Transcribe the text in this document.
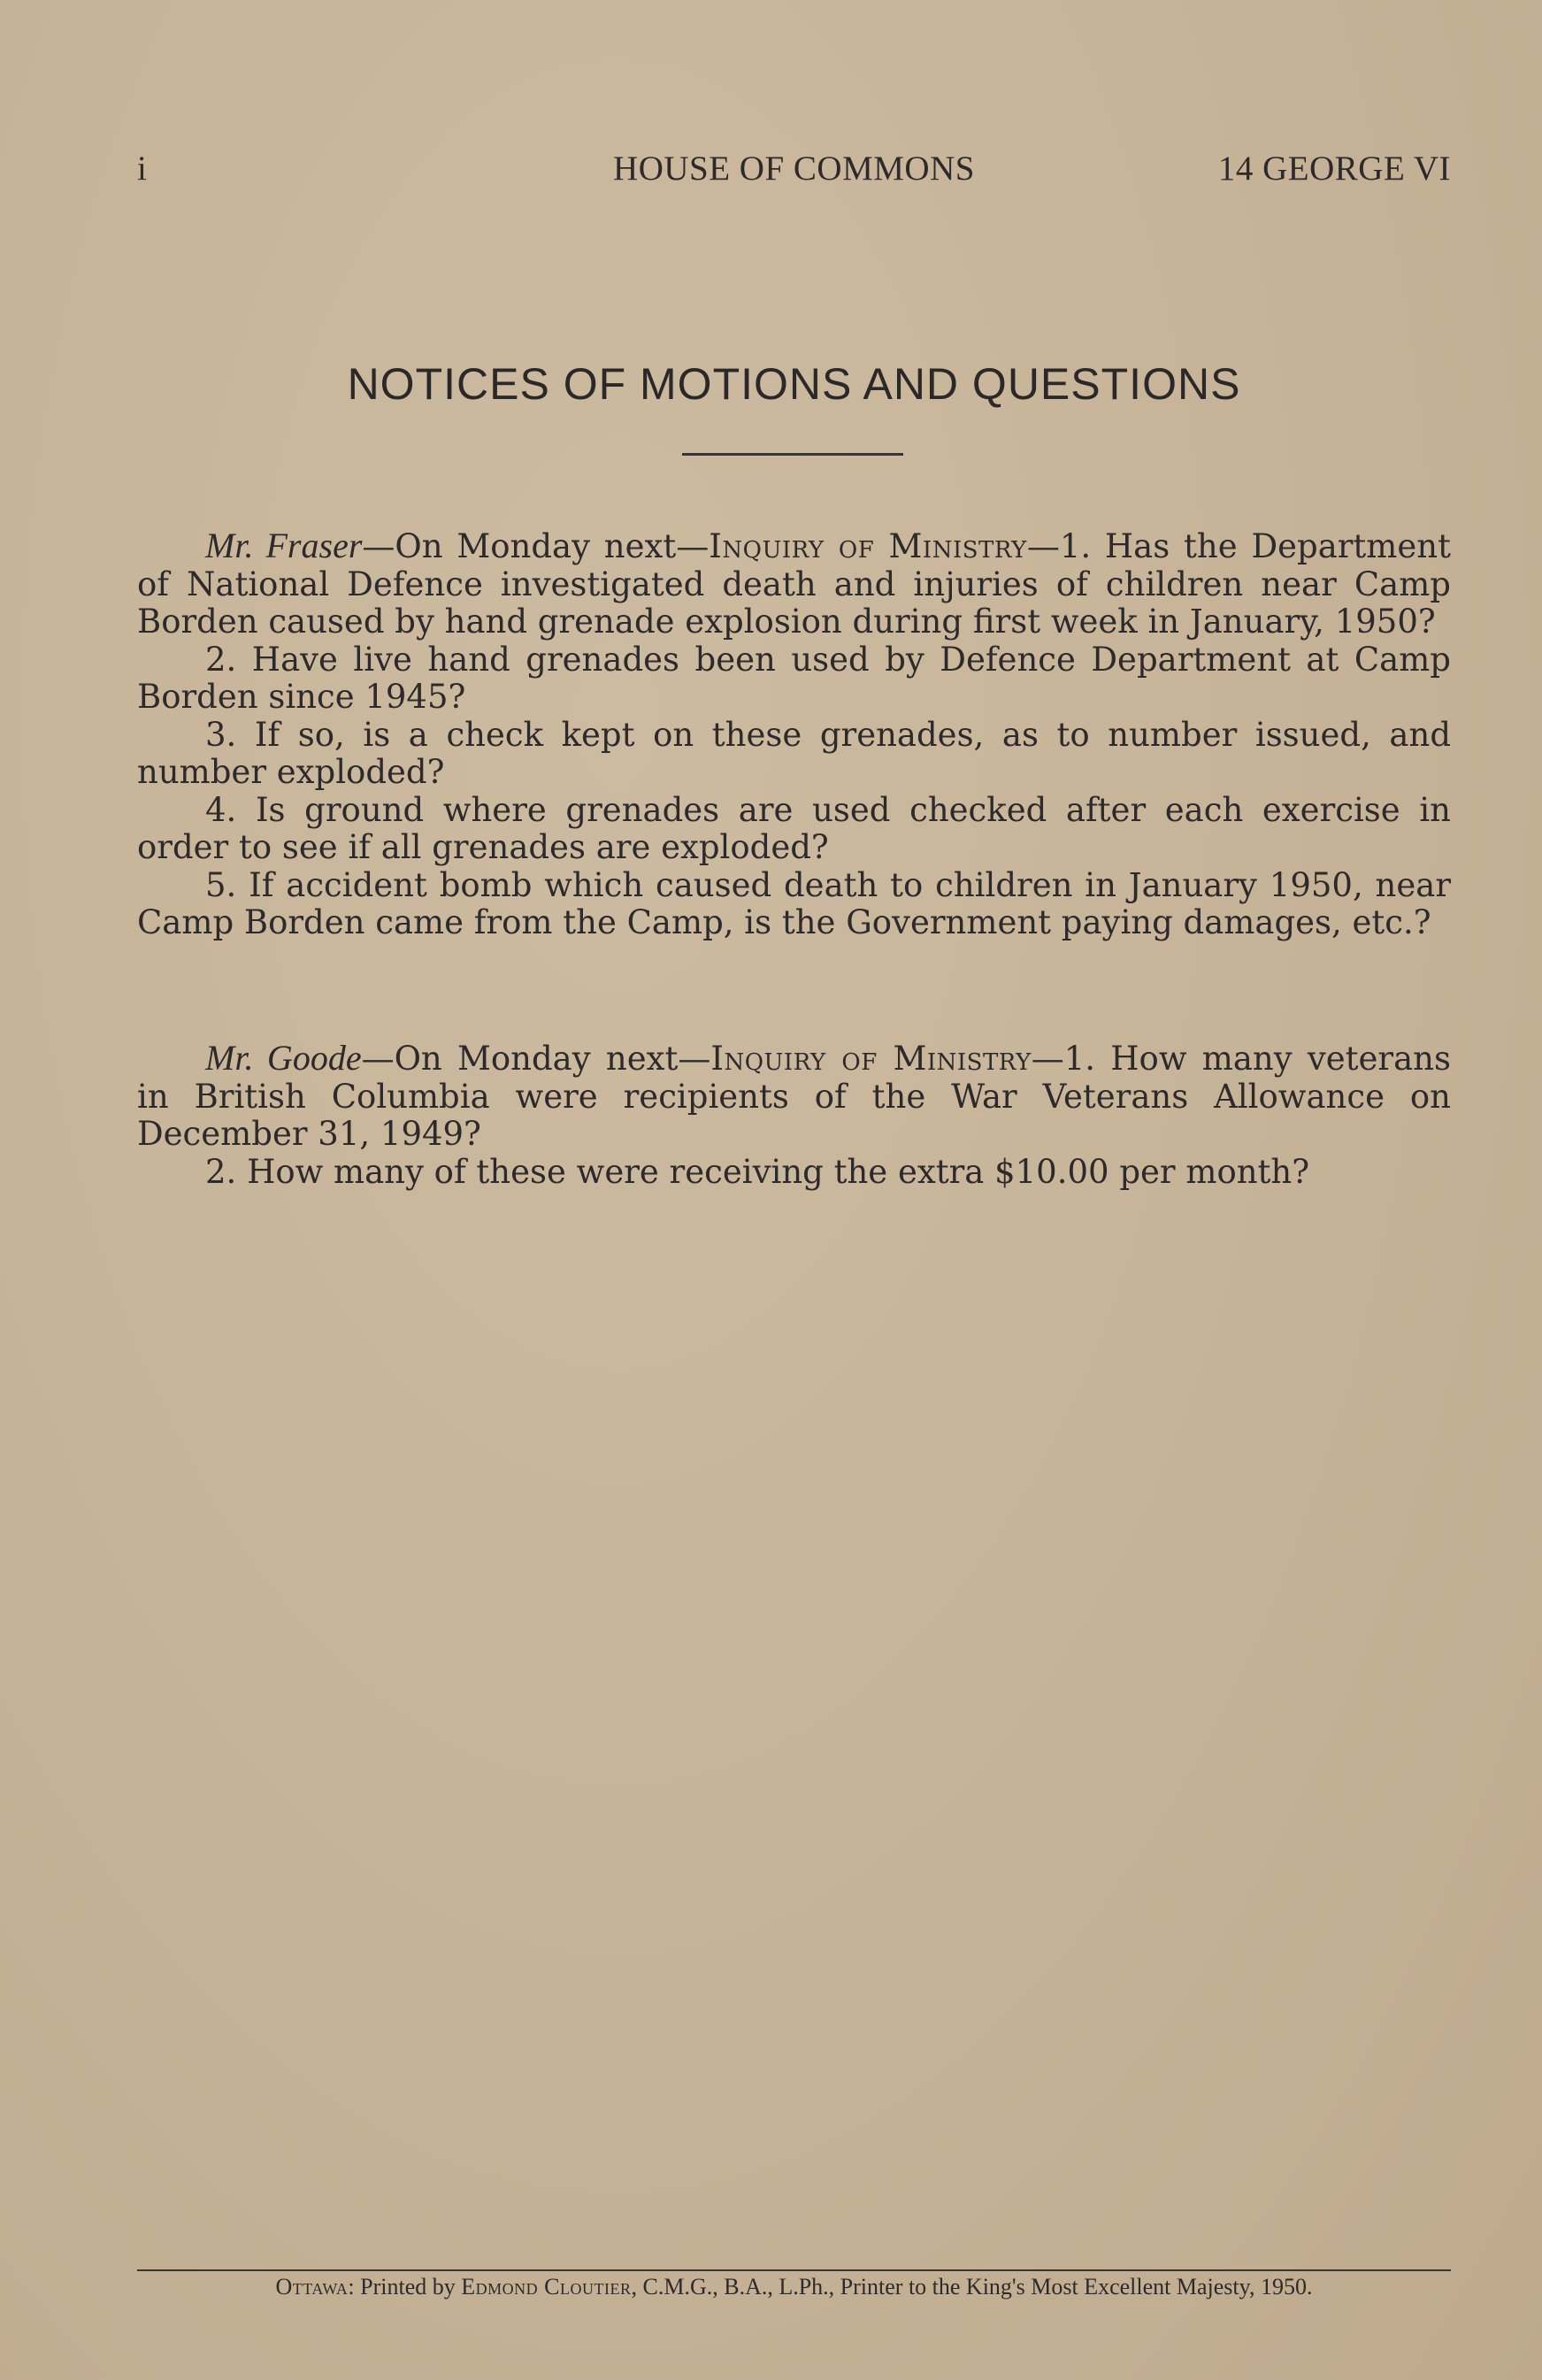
i	HOUSE OF COMMONS	14 GEORGE VI
NOTICES OF MOTIONS AND QUESTIONS

Mr. Fraser—On Monday next—Inquiry of Ministry—1. Has the Department of National Defence investigated death and injuries of children near Camp Borden caused by hand grenade explosion during first week in January, 1950?

2. Have live hand grenades been used by Defence Department at Camp Borden since 1945?

3. If so, is a check kept on these grenades, as to number issued, and number exploded?

4. Is ground where grenades are used checked after each exercise in order to see if all grenades are exploded?

5. If accident bomb which caused death to children in January 1950, near Camp Borden came from the Camp, is the Government paying damages, etc.?

Mr. Goode—On Monday next—Inquiry of Ministry—1. How many veterans in British Columbia were recipients of the War Veterans Allowance on December 31, 1949?

2. How many of these were receiving the extra $10.00 per month?

Ottawa: Printed by Edmond Cloutier, C.M.G., B.A., L.Ph., Printer to the King's Most Excellent Majesty, 1950.
